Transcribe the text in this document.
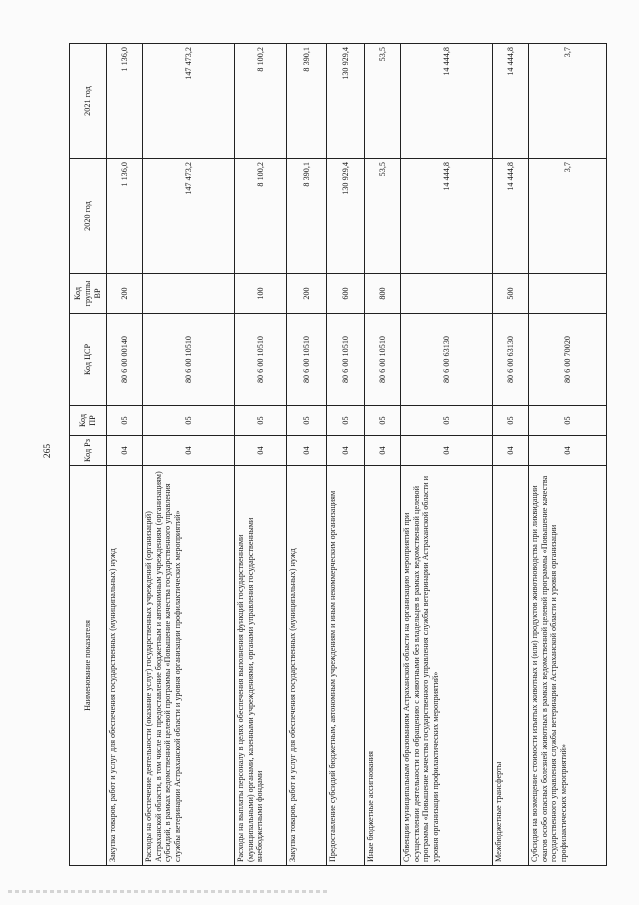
265
Наименование показателя	Код Рз	Код ПР	Код ЦСР	Код группы ВР	2020 год	2021 год
Закупка товаров, работ и услуг для обеспечения государственных (муниципальных) нужд	04	05	80 6 00 00140	200	1 136,0	1 136,0
Расходы на обеспечение деятельности (оказание услуг) государственных учреждений (организаций) Астраханской области, в том числе на предоставление бюджетным и автономным учреждениям (организациям) субсидий, в рамках ведомственной целевой программы «Повышение качества государственного управления службы ветеринарии Астраханской области и уровня организации профилактических мероприятий»	04	05	80 6 00 10510		147 473,2	147 473,2
Расходы на выплаты персоналу в целях обеспечения выполнения функций государственными (муниципальными) органами, казенными учреждениями, органами управления государственными внебюджетными фондами	04	05	80 6 00 10510	100	8 100,2	8 100,2
Закупка товаров, работ и услуг для обеспечения государственных (муниципальных) нужд	04	05	80 6 00 10510	200	8 390,1	8 390,1
Предоставление субсидий бюджетным, автономным учреждениям и иным некоммерческим организациям	04	05	80 6 00 10510	600	130 929,4	130 929,4
Иные бюджетные ассигнования	04	05	80 6 00 10510	800	53,5	53,5
Субвенции муниципальным образованиям Астраханской области на организацию мероприятий при осуществлении деятельности по обращению с животными без владельцев в рамках ведомственной целевой программы «Повышение качества государственного управления службы ветеринарии Астраханской области и уровня организации профилактических мероприятий»	04	05	80 6 00 63130		14 444,8	14 444,8
Межбюджетные трансферты	04	05	80 6 00 63130	500	14 444,8	14 444,8
Субсидия на возмещение стоимости изъятых животных и (или) продуктов животноводства при ликвидации очагов особо опасных болезней животных в рамках ведомственной целевой программы «Повышение качества государственного управления службы ветеринарии Астраханской области и уровня организации профилактических мероприятий»	04	05	80 6 00 70020		3,7	3,7
